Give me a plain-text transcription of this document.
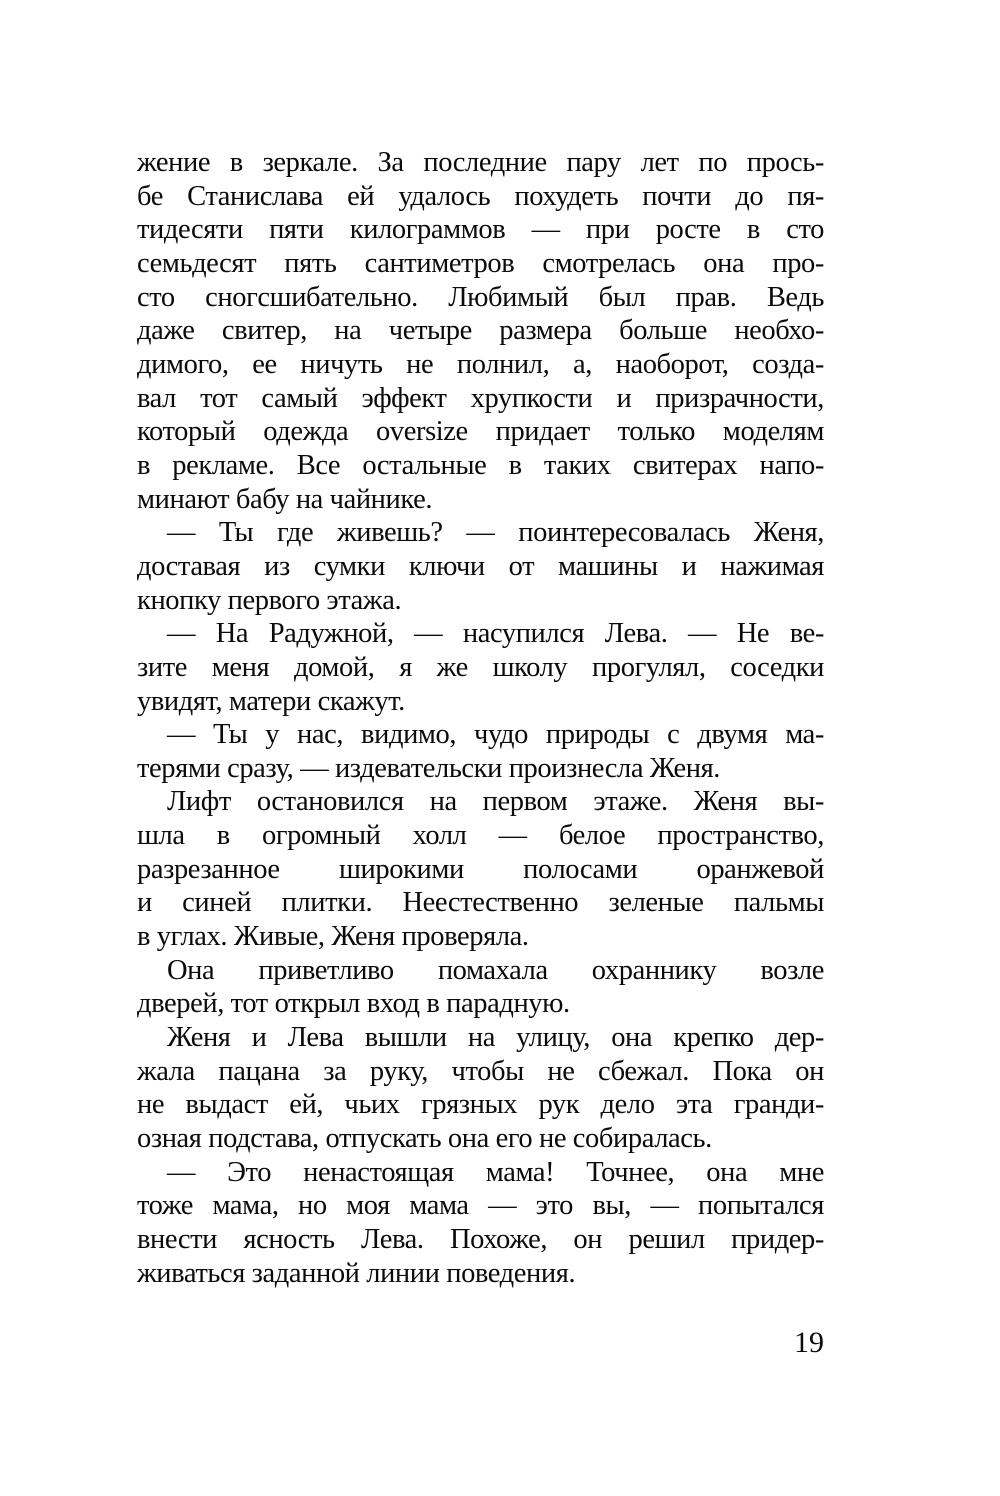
жение в зеркале. За последние пару лет по прось-
бе Станислава ей удалось похудеть почти до пя-
тидесяти пяти килограммов — при росте в сто
семьдесят пять сантиметров смотрелась она про-
сто сногсшибательно. Любимый был прав. Ведь
даже свитер, на четыре размера больше необхо-
димого, ее ничуть не полнил, а, наоборот, созда-
вал тот самый эффект хрупкости и призрачности,
который одежда oversize придает только моделям
в рекламе. Все остальные в таких свитерах напо-
минают бабу на чайнике.
— Ты где живешь? — поинтересовалась Женя,
доставая из сумки ключи от машины и нажимая
кнопку первого этажа.
— На Радужной, — насупился Лева. — Не ве-
зите меня домой, я же школу прогулял, соседки
увидят, матери скажут.
— Ты у нас, видимо, чудо природы с двумя ма-
терями сразу, — издевательски произнесла Женя.
Лифт остановился на первом этаже. Женя вы-
шла в огромный холл — белое пространство,
разрезанное широкими полосами оранжевой
и синей плитки. Неестественно зеленые пальмы
в углах. Живые, Женя проверяла.
Она приветливо помахала охраннику возле
дверей, тот открыл вход в парадную.
Женя и Лева вышли на улицу, она крепко дер-
жала пацана за руку, чтобы не сбежал. Пока он
не выдаст ей, чьих грязных рук дело эта гранди-
озная подстава, отпускать она его не собиралась.
— Это ненастоящая мама! Точнее, она мне
тоже мама, но моя мама — это вы, — попытался
внести ясность Лева. Похоже, он решил придер-
живаться заданной линии поведения.
19
